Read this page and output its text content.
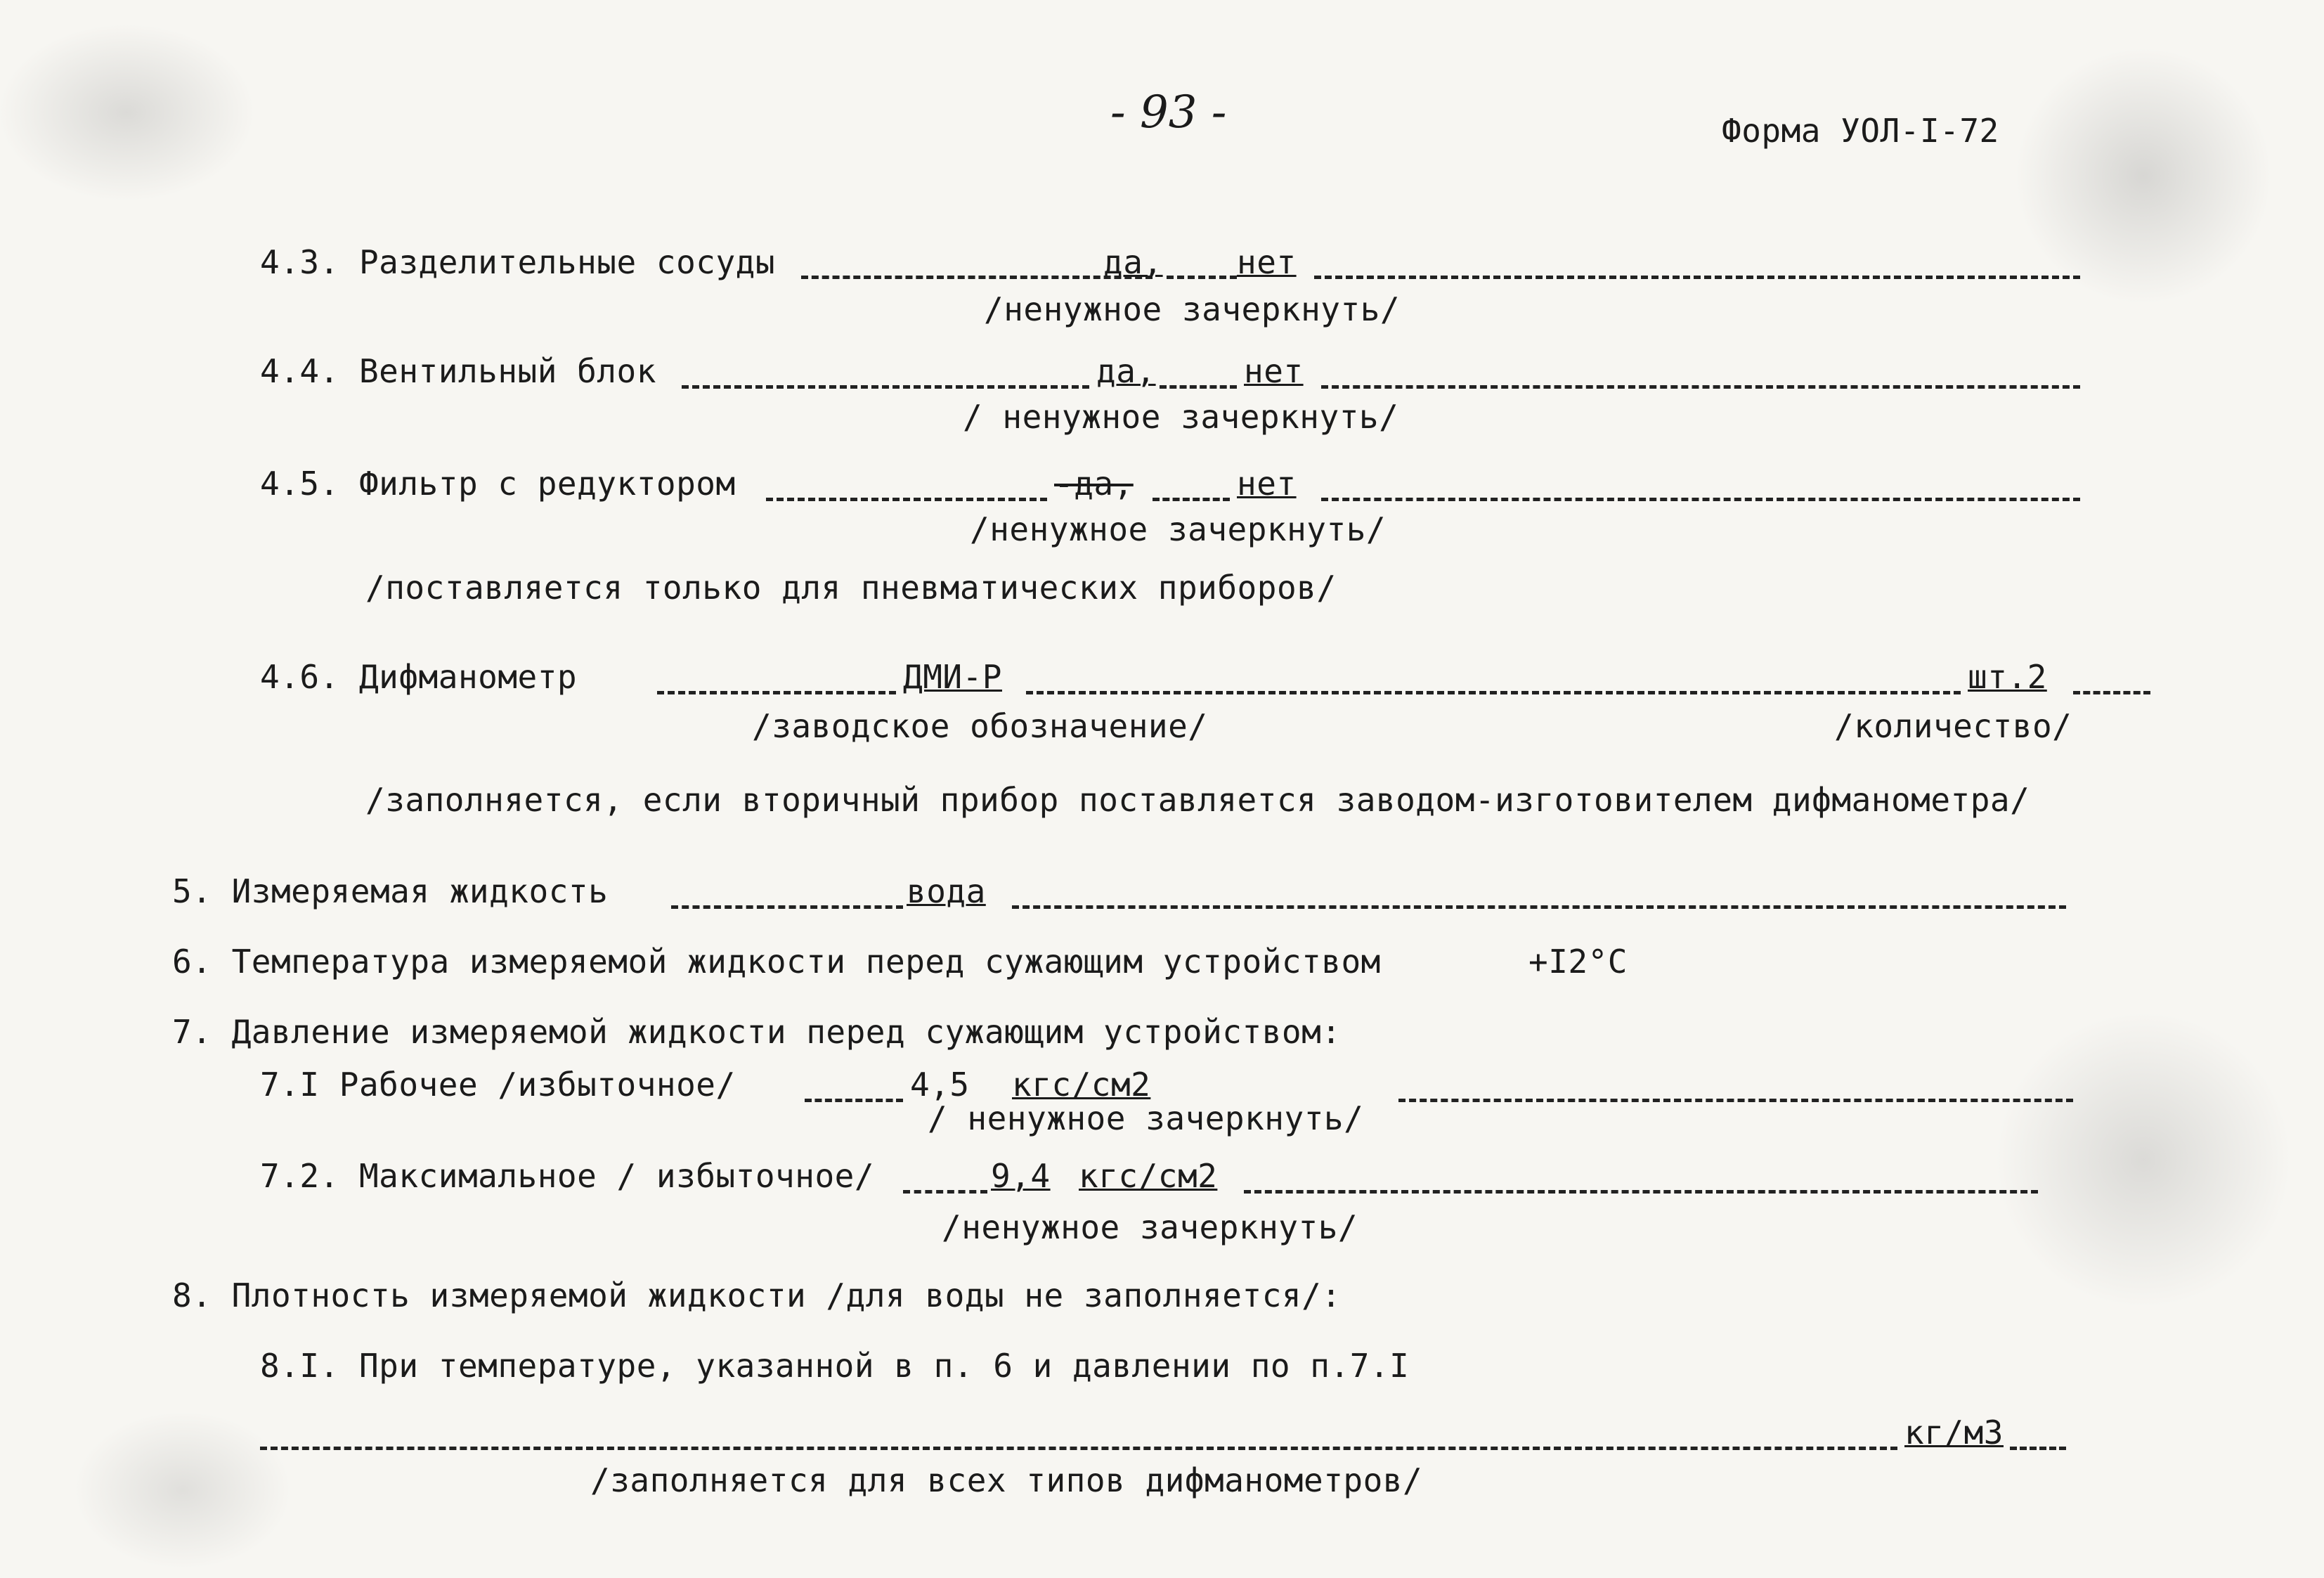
- 93 -	Форма УОЛ-I-72
4.3. Разделительные сосуды	да, нет
/ненужное зачеркнуть/
4.4. Вентильный блок	да,	нет
/ ненужное зачеркнуть/
4.5. Фильтр с редуктором	-да,	нет
/ненужное зачеркнуть/
/поставляется только для пневматических приборов/
4.6. Дифманометр	ДМИ-Р	шт.2
/заводское обозначение/	/количество/
/заполняется, если вторичный прибор поставляется заводом-изготовителем дифманометра/
5. Измеряемая жидкость	вода
6. Температура измеряемой жидкости перед сужающим устройством	+I2°С
7. Давление измеряемой жидкости перед сужающим устройством:
7.I Рабочее /избыточное/	4,5 кгс/см2
/ ненужное зачеркнуть/
7.2. Максимальное / избыточное/	9,4 кгс/см2
/ненужное зачеркнуть/
8. Плотность измеряемой жидкости /для воды не заполняется/:
8.I. При температуре, указанной в п. 6 и давлении по п.7.I
кг/м3
/заполняется для всех типов дифманометров/
